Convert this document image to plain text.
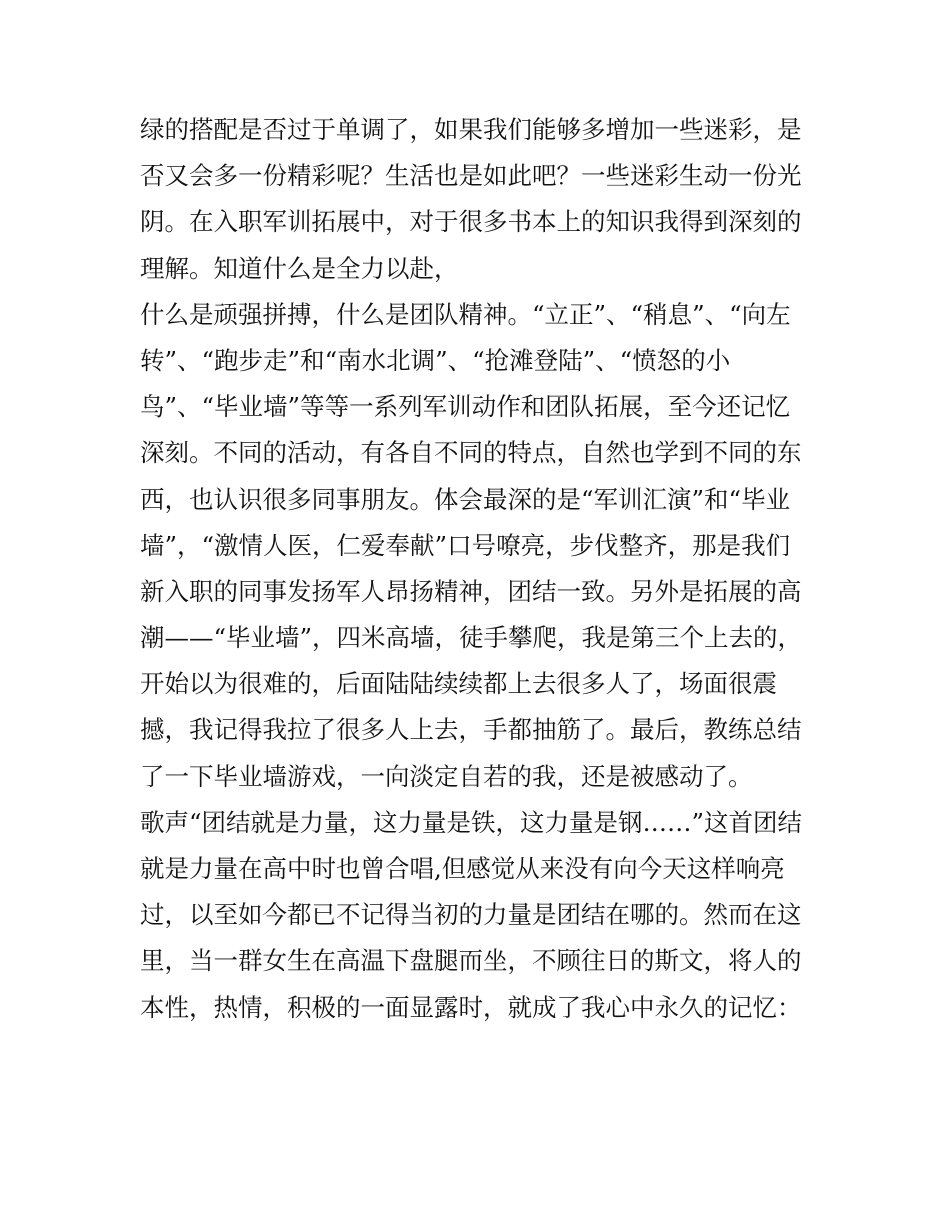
绿的搭配是否过于单调了，如果我们能够多增加一些迷彩，是
否又会多一份精彩呢？生活也是如此吧？一些迷彩生动一份光
阴。在入职军训拓展中，对于很多书本上的知识我得到深刻的
理解。知道什么是全力以赴，
什么是顽强拼搏，什么是团队精神。“立正”、“稍息”、“向左
转”、“跑步走”和“南水北调”、“抢滩登陆”、“愤怒的小
鸟”、“毕业墙”等等一系列军训动作和团队拓展，至今还记忆
深刻。不同的活动，有各自不同的特点，自然也学到不同的东
西，也认识很多同事朋友。体会最深的是“军训汇演”和“毕业
墙”，“激情人医，仁爱奉献”口号嘹亮，步伐整齐，那是我们
新入职的同事发扬军人昂扬精神，团结一致。另外是拓展的高
潮——“毕业墙”，四米高墙，徒手攀爬，我是第三个上去的，
开始以为很难的，后面陆陆续续都上去很多人了，场面很震
撼，我记得我拉了很多人上去，手都抽筋了。最后，教练总结
了一下毕业墙游戏，一向淡定自若的我，还是被感动了。
歌声“团结就是力量，这力量是铁，这力量是钢……”这首团结
就是力量在高中时也曾合唱,但感觉从来没有向今天这样响亮
过，以至如今都已不记得当初的力量是团结在哪的。然而在这
里，当一群女生在高温下盘腿而坐，不顾往日的斯文，将人的
本性，热情，积极的一面显露时，就成了我心中永久的记忆：
